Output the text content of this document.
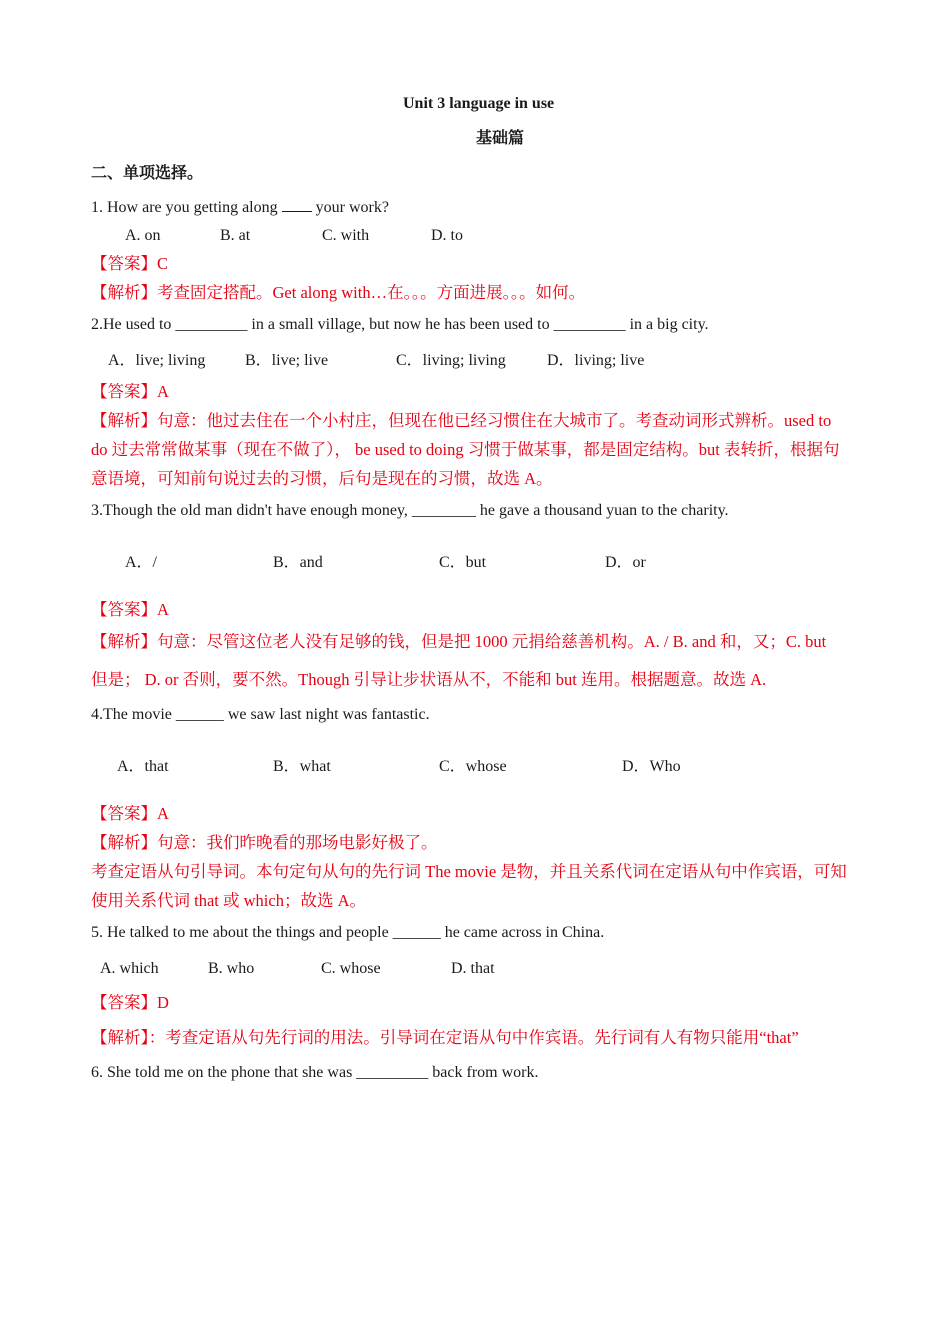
Unit 3 language in use
基础篇
二、单项选择。
1. How are you getting along  your work?
A. on	B. at	C. with	D. to
【答案】C
【解析】考查固定搭配。Get along with…在。。。方面进展。。。如何。
2.He used to _________ in a small village, but now he has been used to _________ in a big city.
A．live; living B．live; live	C．living; living	D．living; live
【答案】A
【解析】句意：他过去住在一个小村庄，但现在他已经习惯住在大城市了。考查动词形式辨析。used to
do 过去常常做某事（现在不做了）， be used to doing 习惯于做某事，都是固定结构。but 表转折，根据句
意语境，可知前句说过去的习惯，后句是现在的习惯，故选 A。
3.Though the old man didn't have enough money, ________ he gave a thousand yuan to the charity.
A．/	B．and	C．but	D．or
【答案】A
【解析】句意：尽管这位老人没有足够的钱，但是把 1000 元捐给慈善机构。A. / B. and 和，又；C. but
但是； D. or 否则，要不然。Though 引导让步状语从不，不能和 but 连用。根据题意。故选 A.
4.The movie ______ we saw last night was fantastic.
A．that	B．what	C．whose	D．Who
【答案】A
【解析】句意：我们昨晚看的那场电影好极了。
考查定语从句引导词。本句定句从句的先行词 The movie 是物，并且关系代词在定语从句中作宾语，可知
使用关系代词 that 或 which；故选 A。
5. He talked to me about the things and people ______ he came across in China.
A. which	B. who	C. whose	D. that
【答案】D
【解析】：考查定语从句先行词的用法。引导词在定语从句中作宾语。先行词有人有物只能用“that”
6. She told me on the phone that she was _________ back from work.
